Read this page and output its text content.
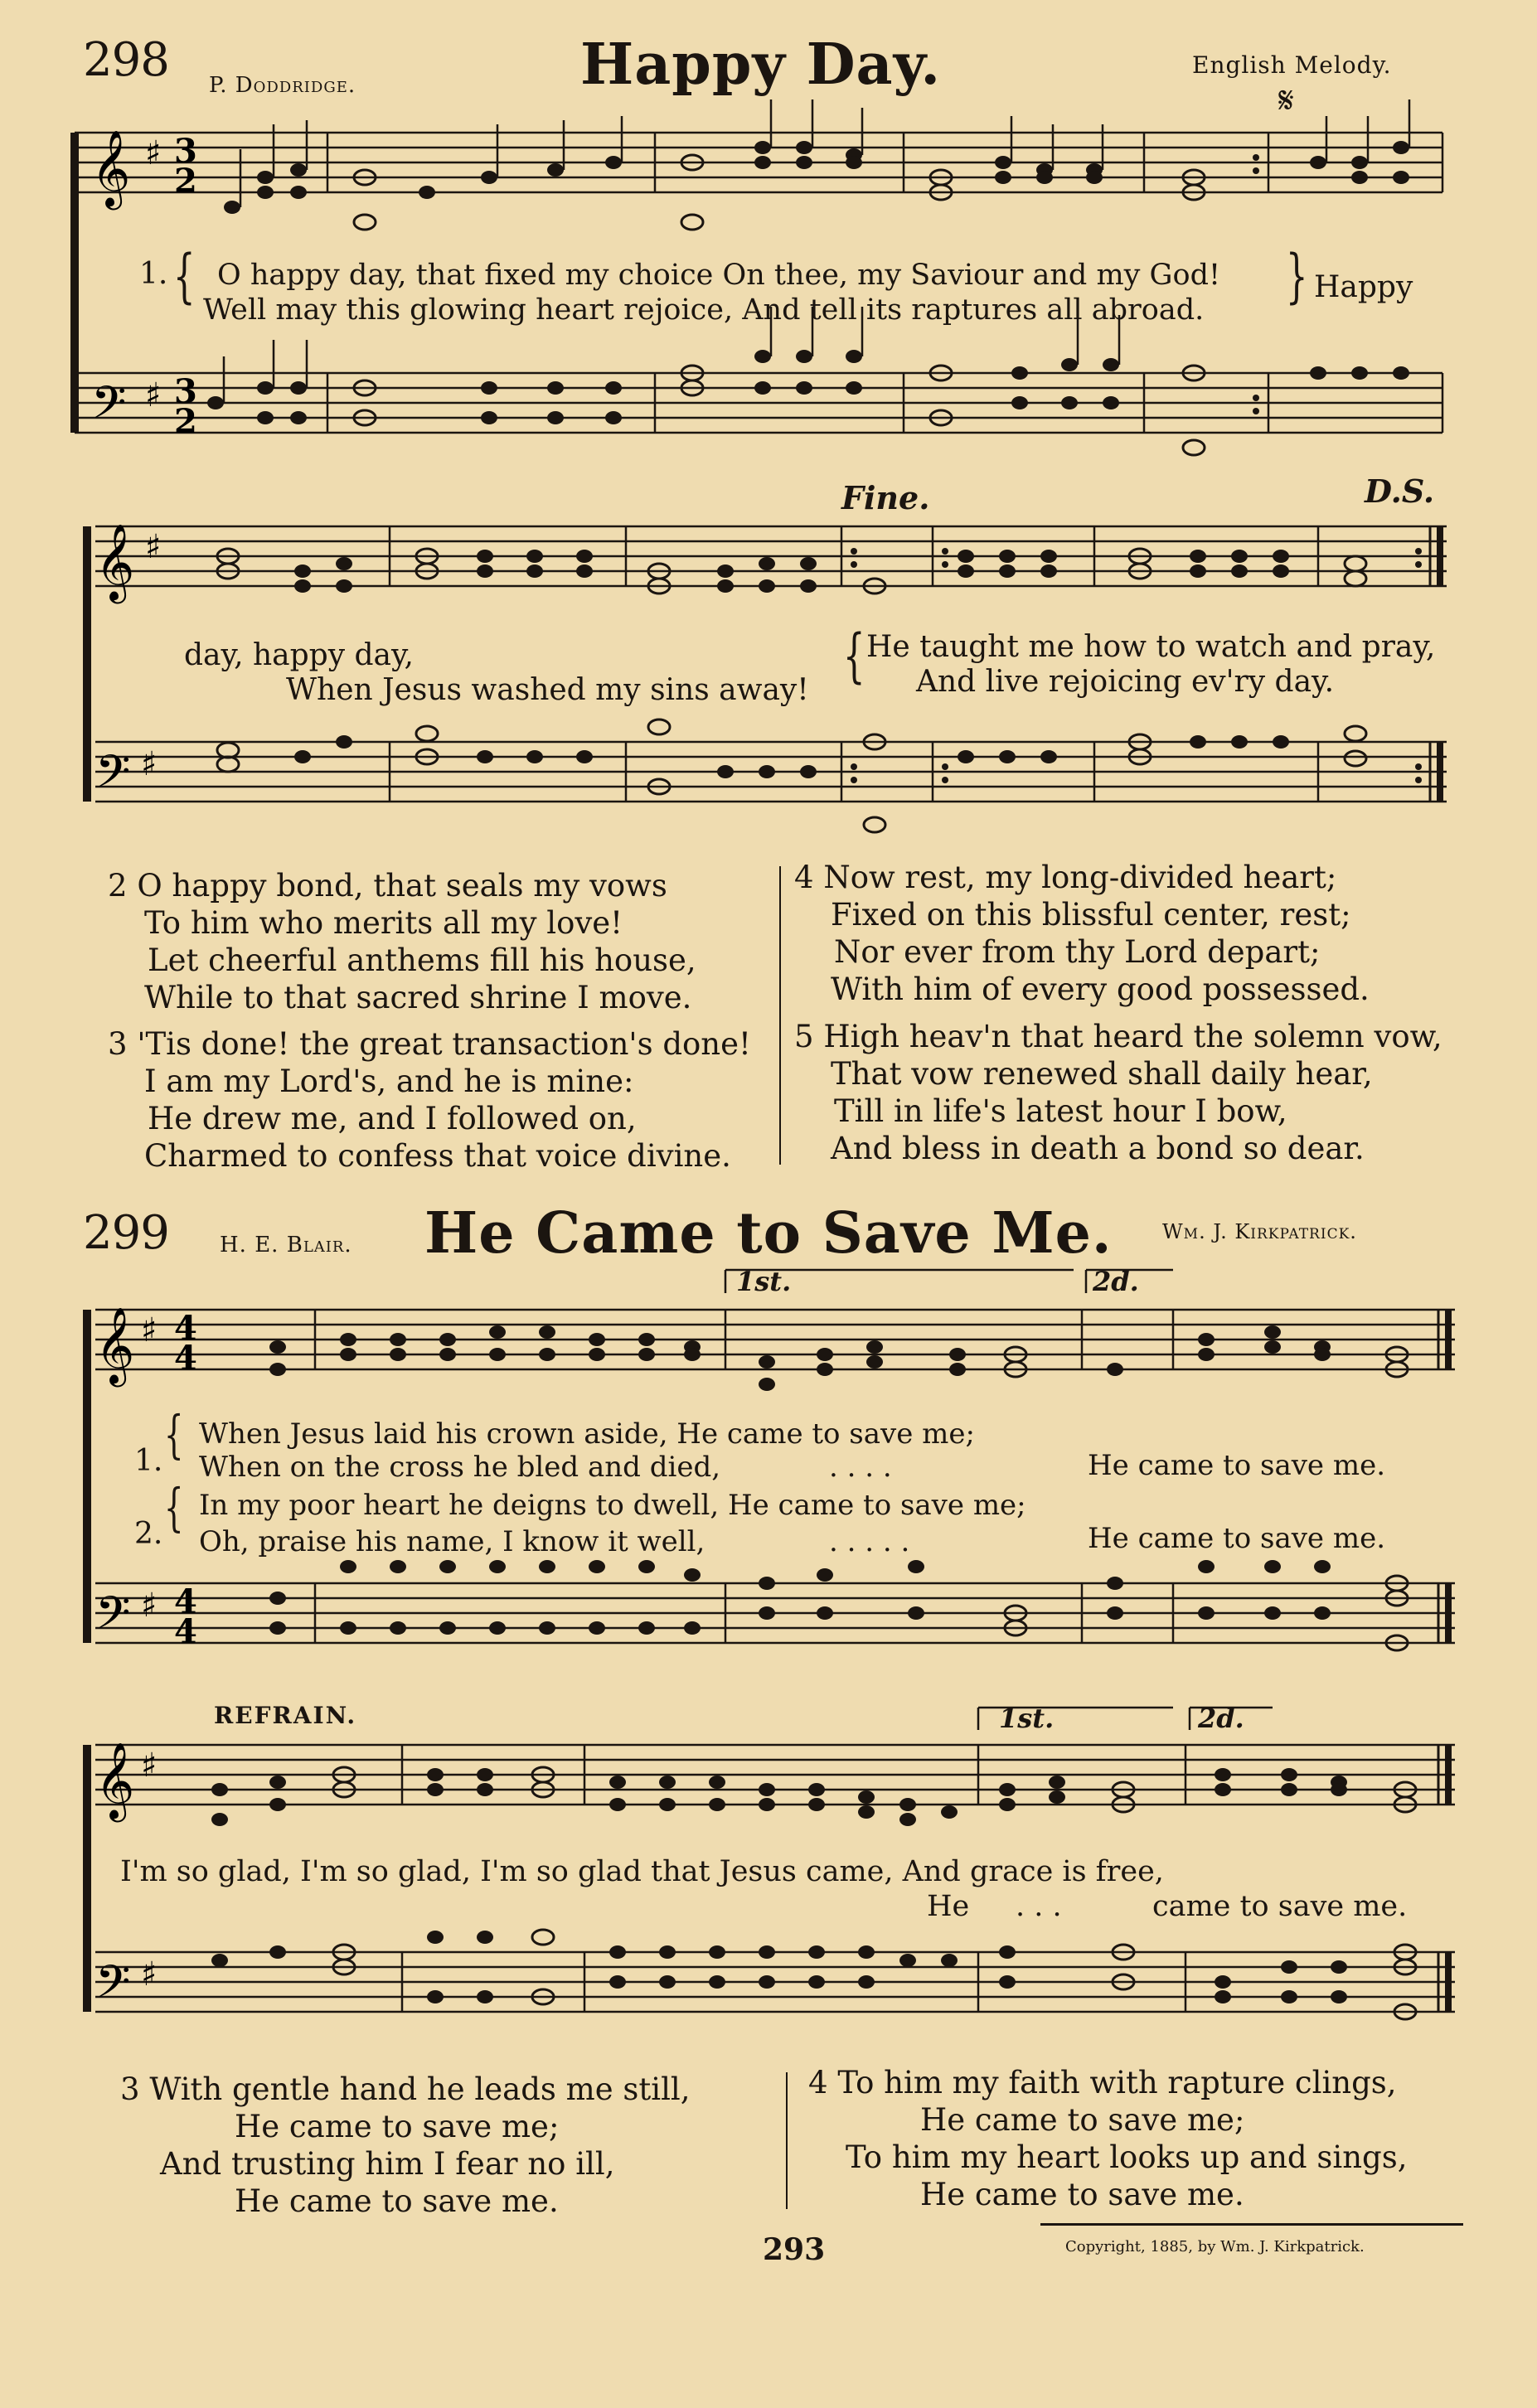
298 P. Doddridge.	Happy Day.	English Melody.
𝄋
𝄞
𝄢
♯
♯
3
2
3
2
1. { O happy day, that fixed my choice On thee, my Saviour and my God!
Well may this glowing heart rejoice, And tell its raptures all abroad. } Happy
Fine.	D.S.
𝄞
𝄢
♯
♯
day, happy day,
When Jesus washed my sins away!
{ He taught me how to watch and pray,
And live rejoicing ev'ry day.
2 O happy bond, that seals my vows
To him who merits all my love!
Let cheerful anthems fill his house,
While to that sacred shrine I move.
3 'Tis done! the great transaction's done!
I am my Lord's, and he is mine:
He drew me, and I followed on,
Charmed to confess that voice divine.
4 Now rest, my long-divided heart;
Fixed on this blissful center, rest;
Nor ever from thy Lord depart;
With him of every good possessed.
5 High heav'n that heard the solemn vow,
That vow renewed shall daily hear,
Till in life's latest hour I bow,
And bless in death a bond so dear.
299 H. E. Blair. He Came to Save Me.	Wm. J. Kirkpatrick.
1st.	2d.
𝄞
𝄢
♯
♯
4
4
4
4
1. { When Jesus laid his crown aside, He came to save me;
When on the cross he bled and died,	. . . .	He came to save me.
2. { In my poor heart he deigns to dwell, He came to save me;
Oh, praise his name, I know it well,	. . . . .	He came to save me.
REFRAIN.	1st.	2d.
𝄞
𝄢
♯
♯
I'm so glad, I'm so glad, I'm so glad that Jesus came, And grace is free,
He . . .	came to save me.
3 With gentle hand he leads me still,
He came to save me;
And trusting him I fear no ill,
He came to save me.
4 To him my faith with rapture clings,
He came to save me;
To him my heart looks up and sings,
He came to save me.
293	Copyright, 1885, by Wm. J. Kirkpatrick.
